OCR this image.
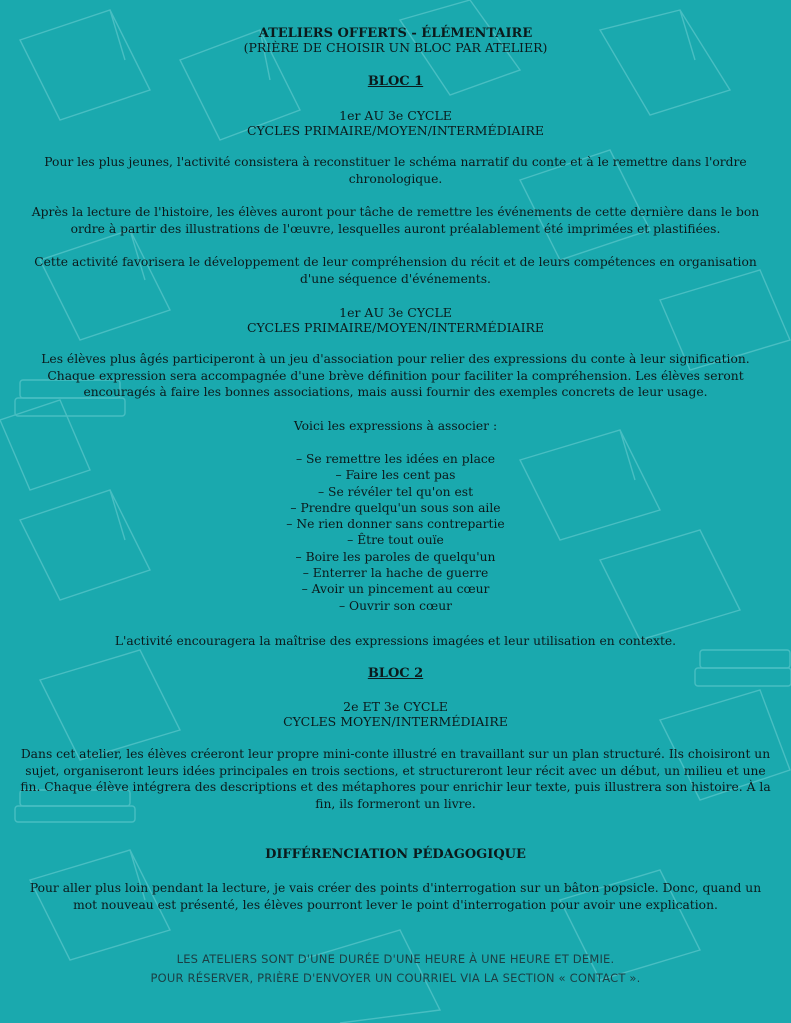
ATELIERS OFFERTS - ÉLÉMENTAIRE
(PRIÈRE DE CHOISIR UN BLOC PAR ATELIER)
BLOC 1
1er AU 3e CYCLE
CYCLES PRIMAIRE/MOYEN/INTERMÉDIAIRE
Pour les plus jeunes, l'activité consistera à reconstituer le schéma narratif du conte et à le remettre dans l'ordre chronologique.
Après la lecture de l'histoire, les élèves auront pour tâche de remettre les événements de cette dernière dans le bon ordre à partir des illustrations de l'œuvre, lesquelles auront préalablement été imprimées et plastifiées.
Cette activité favorisera le développement de leur compréhension du récit et de leurs compétences en organisation d'une séquence d'événements.
1er AU 3e CYCLE
CYCLES PRIMAIRE/MOYEN/INTERMÉDIAIRE
Les élèves plus âgés participeront à un jeu d'association pour relier des expressions du conte à leur signification. Chaque expression sera accompagnée d'une brève définition pour faciliter la compréhension. Les élèves seront encouragés à faire les bonnes associations, mais aussi fournir des exemples concrets de leur usage.
Voici les expressions à associer :
– Se remettre les idées en place
– Faire les cent pas
– Se révéler tel qu'on est
– Prendre quelqu'un sous son aile
– Ne rien donner sans contrepartie
– Être tout ouïe
– Boire les paroles de quelqu'un
– Enterrer la hache de guerre
– Avoir un pincement au cœur
– Ouvrir son cœur
L'activité encouragera la maîtrise des expressions imagées et leur utilisation en contexte.
BLOC 2
2e ET 3e CYCLE
CYCLES MOYEN/INTERMÉDIAIRE
Dans cet atelier, les élèves créeront leur propre mini-conte illustré en travaillant sur un plan structuré. Ils choisiront un sujet, organiseront leurs idées principales en trois sections, et structureront leur récit avec un début, un milieu et une fin. Chaque élève intégrera des descriptions et des métaphores pour enrichir leur texte, puis illustrera son histoire. À la fin, ils formeront un livre.
DIFFÉRENCIATION PÉDAGOGIQUE
Pour aller plus loin pendant la lecture, je vais créer des points d'interrogation sur un bâton popsicle. Donc, quand un mot nouveau est présenté, les élèves pourront lever le point d'interrogation pour avoir une explication.
LES ATELIERS SONT D'UNE DURÉE D'UNE HEURE À UNE HEURE ET DEMIE.
POUR RÉSERVER, PRIÈRE D'ENVOYER UN COURRIEL VIA LA SECTION « CONTACT ».
